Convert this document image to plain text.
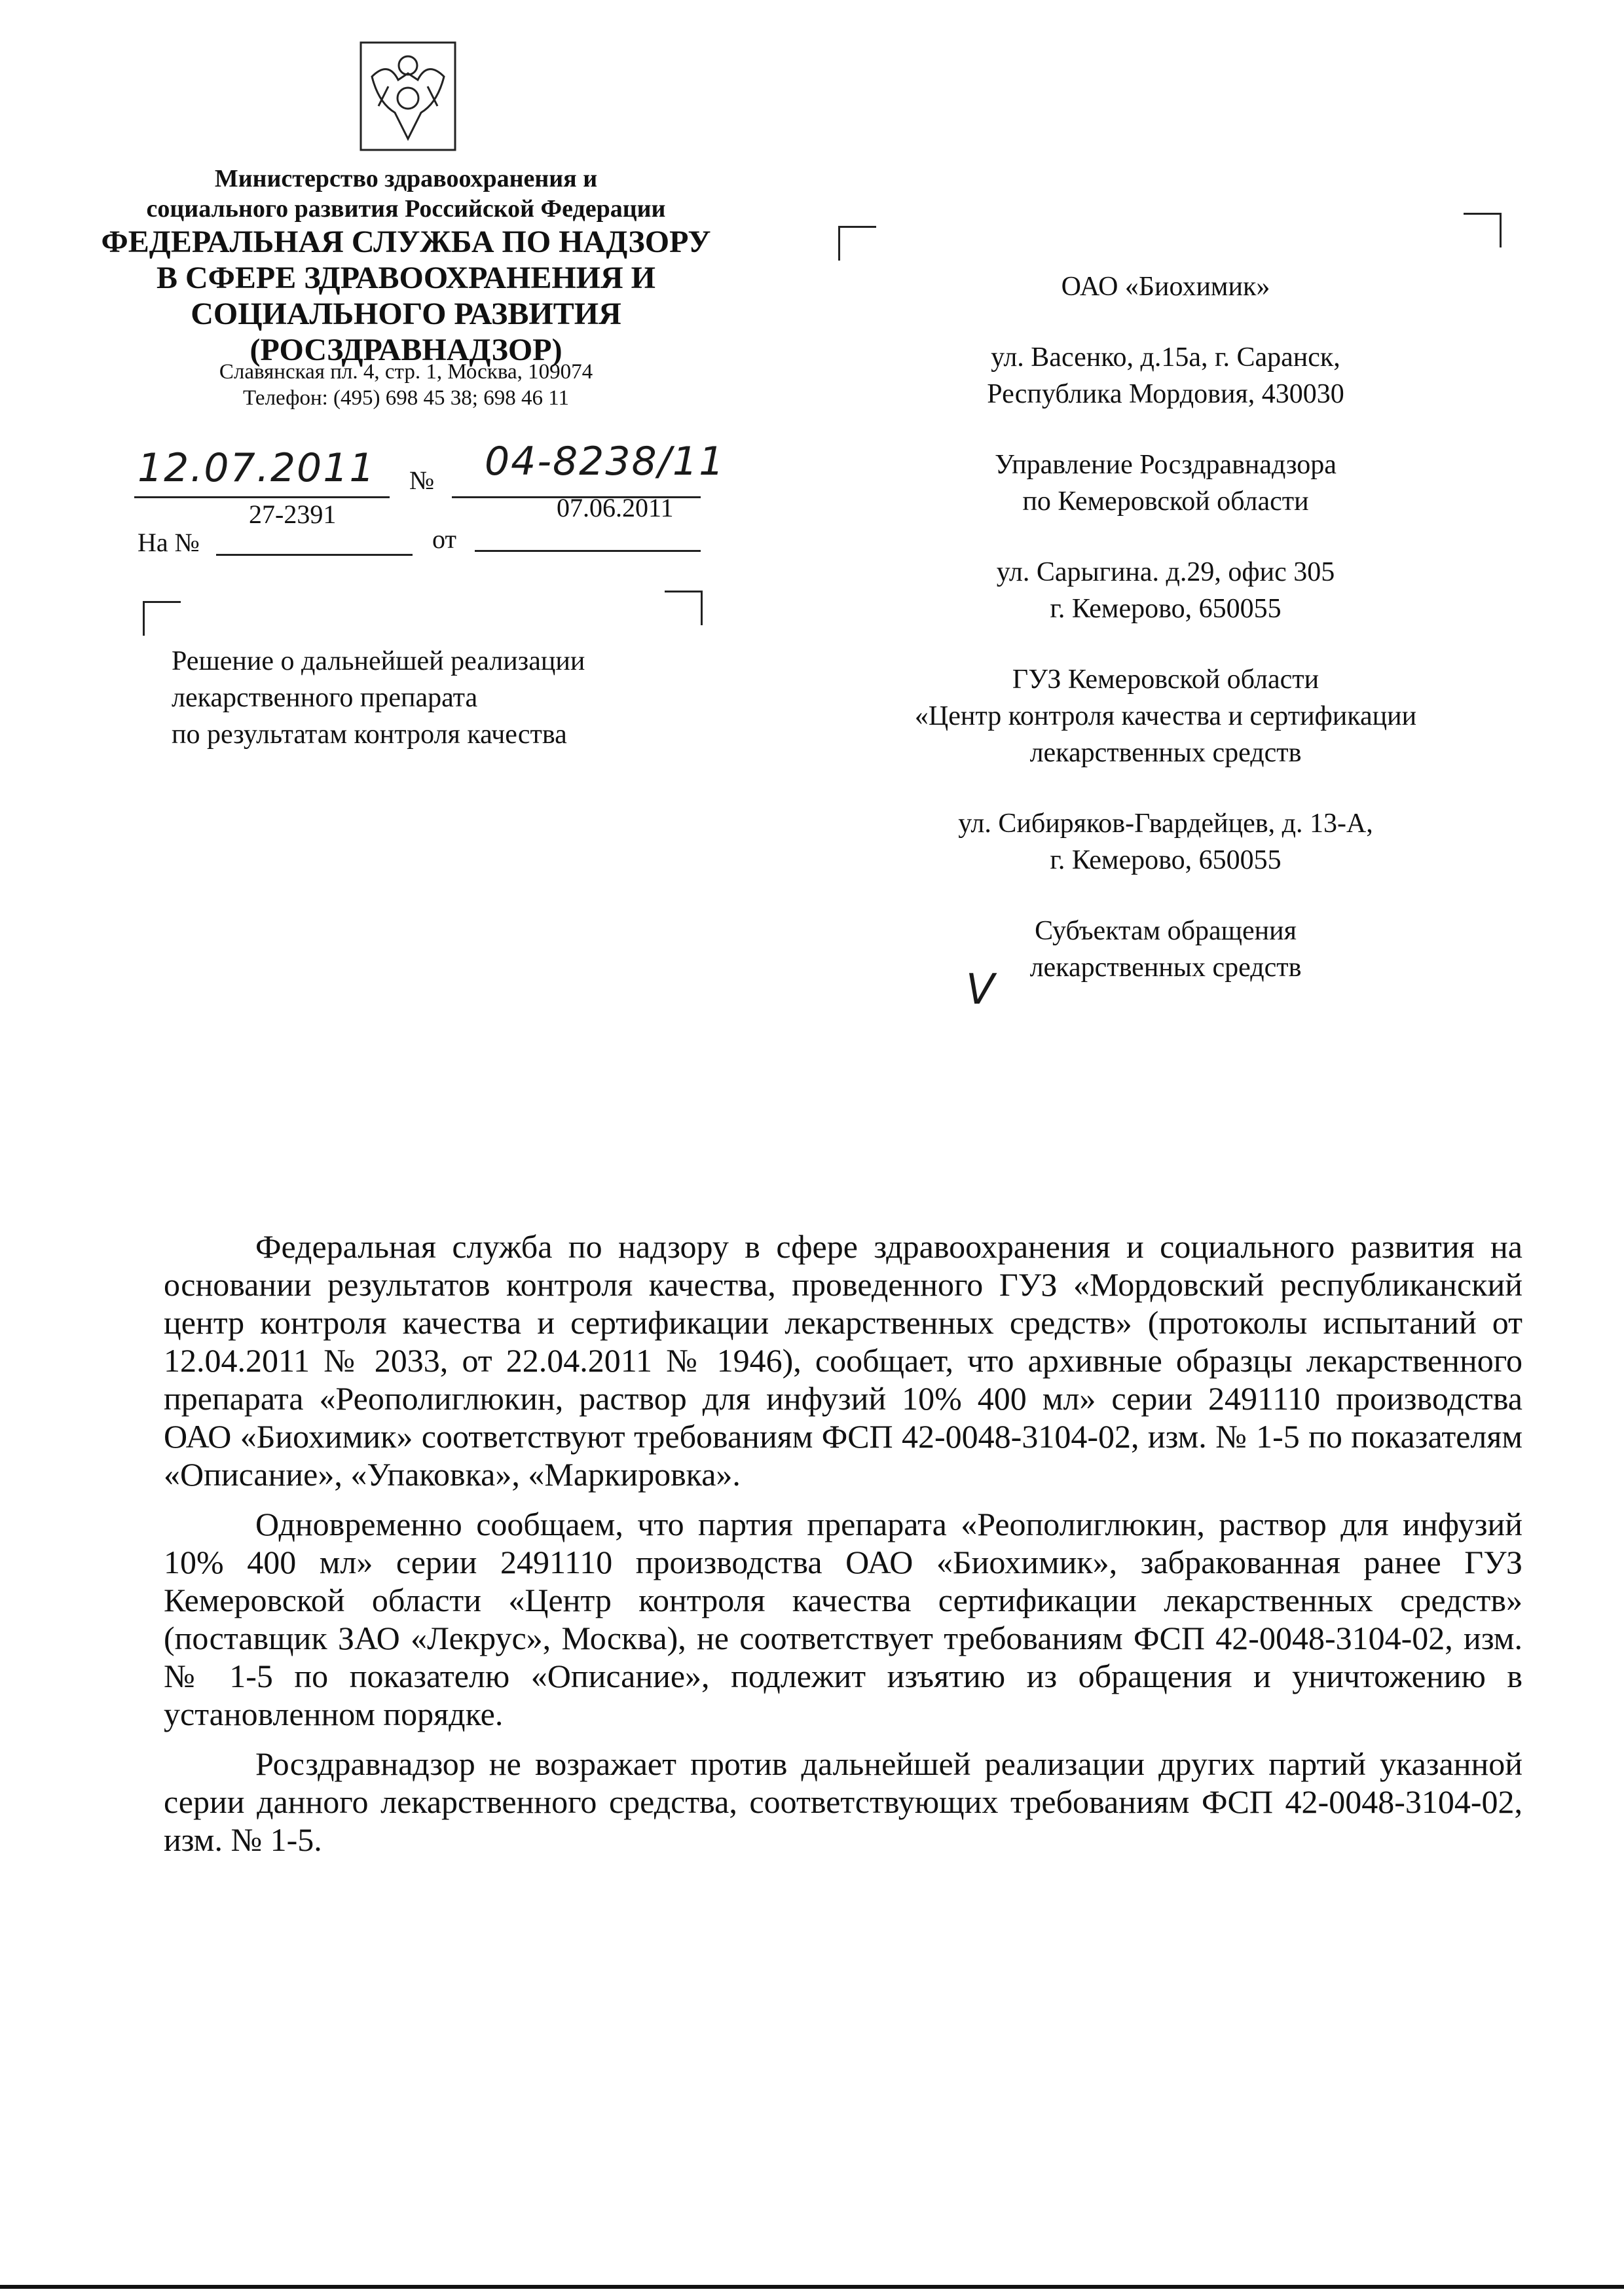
Министерство здравоохранения и
социального развития Российской Федерации
ФЕДЕРАЛЬНАЯ СЛУЖБА ПО НАДЗОРУ
В СФЕРЕ ЗДРАВООХРАНЕНИЯ И
СОЦИАЛЬНОГО РАЗВИТИЯ
(РОСЗДРАВНАДЗОР)
Славянская пл. 4, стр. 1, Москва, 109074
Телефон: (495) 698 45 38; 698 46 11
12.07.2011 № 04-8238/11
27-2391	07.06.2011
На №	от
Решение о дальнейшей реализации
лекарственного препарата
по результатам контроля качества
ОАО «Биохимик»
ул. Васенко, д.15а, г. Саранск,
Республика Мордовия, 430030
Управление Росздравнадзора
по Кемеровской области
ул. Сарыгина. д.29, офис 305
г. Кемерово, 650055
ГУЗ Кемеровской области
«Центр контроля качества и сертификации
лекарственных средств
ул. Сибиряков-Гвардейцев, д. 13-А,
г. Кемерово, 650055
Субъектам обращения
лекарственных средств
V

Федеральная служба по надзору в сфере здравоохранения и социального развития на основании результатов контроля качества, проведенного ГУЗ «Мордовский республиканский центр контроля качества и сертификации лекарственных средств» (протоколы испытаний от 12.04.2011 № 2033, от 22.04.2011 № 1946), сообщает, что архивные образцы лекарственного препарата «Реополиглюкин, раствор для инфузий 10% 400 мл» серии 2491110 производства ОАО «Биохимик» соответствуют требованиям ФСП 42-0048-3104-02, изм. № 1-5 по показателям «Описание», «Упаковка», «Маркировка».

Одновременно сообщаем, что партия препарата «Реополиглюкин, раствор для инфузий 10% 400 мл» серии 2491110 производства ОАО «Биохимик», забракованная ранее ГУЗ Кемеровской области «Центр контроля качества сертификации лекарственных средств» (поставщик ЗАО «Лекрус», Москва), не соответствует требованиям ФСП 42-0048-3104-02, изм. № 1-5 по показателю «Описание», подлежит изъятию из обращения и уничтожению в установленном порядке.

Росздравнадзор не возражает против дальнейшей реализации других партий указанной серии данного лекарственного средства, соответствующих требованиям ФСП 42-0048-3104-02, изм. № 1-5.
